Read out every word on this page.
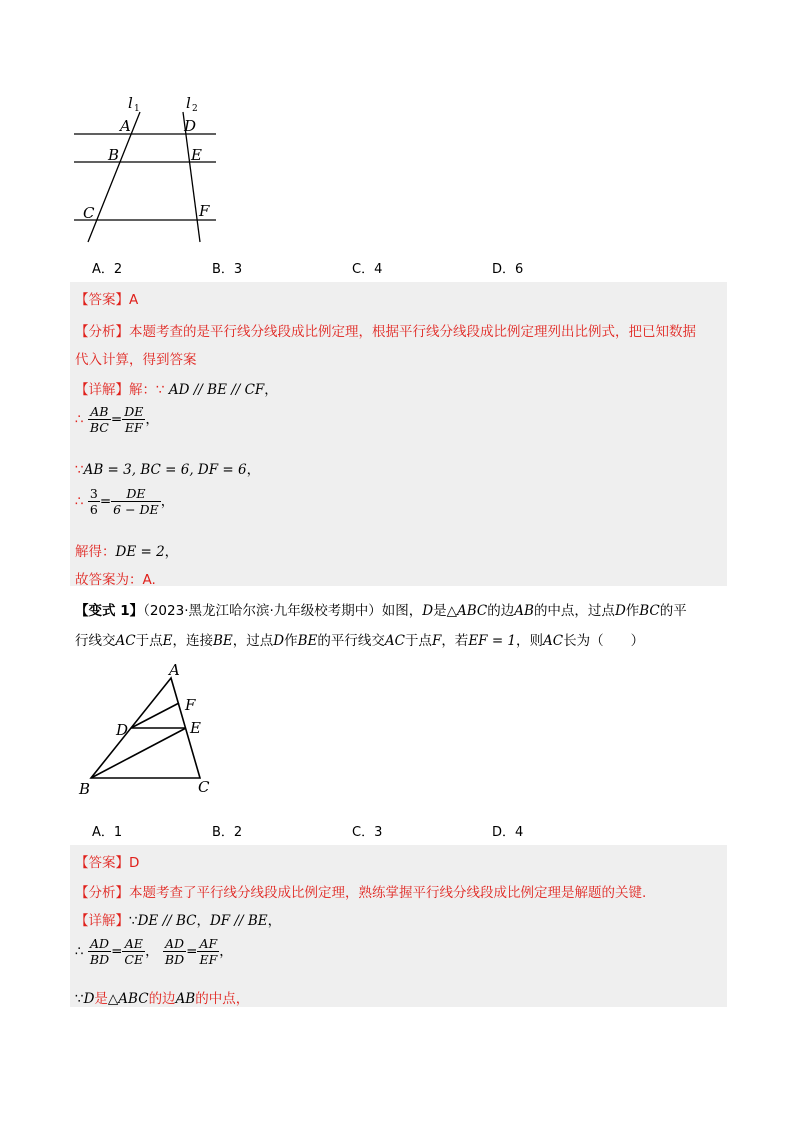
l 1	l 2
A	D
B	E
C	F
A．2	B．3	C．4	D．6
【答案】A
【分析】本题考查的是平行线分线段成比例定理，根据平行线分线段成比例定理列出比例式，把已知数据
代入计算，得到答案
【详解】解：∵ AD // BE // CF，
∴ $\frac{AB}{BC} = \frac{DE}{EF}$ ，
∵AB = 3, BC = 6, DF = 6，
∴ $\frac{3}{6} = \frac{DE}{6 - DE}$ ，
解得：DE = 2，
故答案为：A.
【变式 1】（2023·黑龙江哈尔滨·九年级校考期中）如图，D是△ABC的边AB的中点，过点D作BC的平
行线交AC于点E，连接BE，过点D作BE的平行线交AC于点F，若EF = 1，则AC长为（　　）
A
F
D	E
B	C
A．1	B．2	C．3	D．4
【答案】D
【分析】本题考查了平行线分线段成比例定理，熟练掌握平行线分线段成比例定理是解题的关键.
【详解】∵DE // BC，DF // BE，
∴ $\frac{AD}{BD} = \frac{AE}{CE}$ ， $\frac{AD}{BD} = \frac{AF}{EF}$ ，
∵D是△ABC的边AB的中点，
